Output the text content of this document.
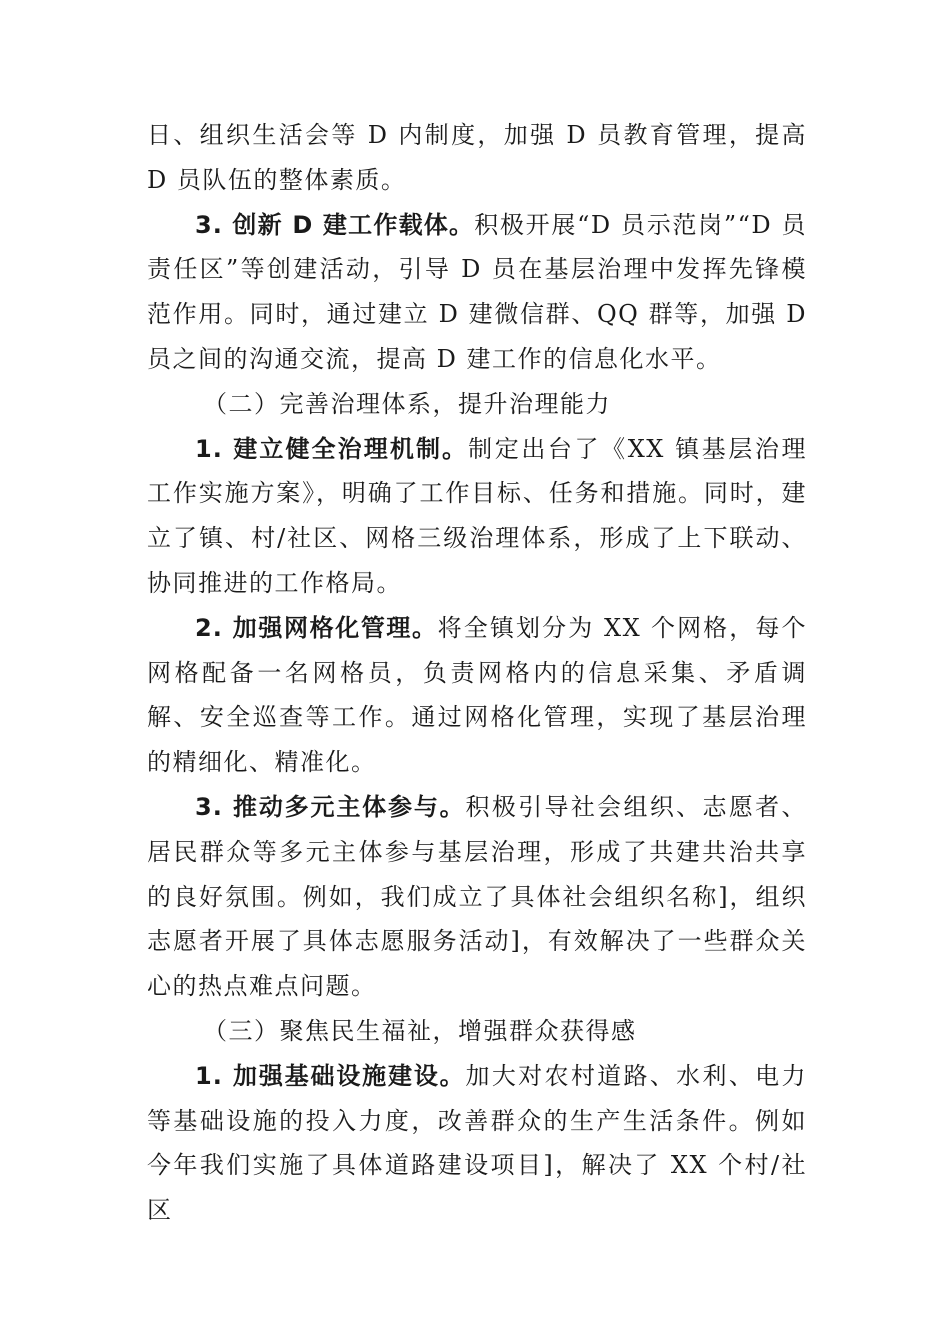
日、组织生活会等 D 内制度，加强 D 员教育管理，提高 D 员队伍的整体素质。

3. 创新 D 建工作载体。积极开展“D 员示范岗”“D 员责任区”等创建活动，引导 D 员在基层治理中发挥先锋模范作用。同时，通过建立 D 建微信群、QQ 群等，加强 D 员之间的沟通交流，提高 D 建工作的信息化水平。

（二）完善治理体系，提升治理能力

1. 建立健全治理机制。制定出台了《XX 镇基层治理工作实施方案》，明确了工作目标、任务和措施。同时，建立了镇、村/社区、网格三级治理体系，形成了上下联动、协同推进的工作格局。

2. 加强网格化管理。将全镇划分为 XX 个网格，每个网格配备一名网格员，负责网格内的信息采集、矛盾调解、安全巡查等工作。通过网格化管理，实现了基层治理的精细化、精准化。

3. 推动多元主体参与。积极引导社会组织、志愿者、居民群众等多元主体参与基层治理，形成了共建共治共享的良好氛围。例如，我们成立了具体社会组织名称]，组织志愿者开展了具体志愿服务活动]，有效解决了一些群众关心的热点难点问题。

（三）聚焦民生福祉，增强群众获得感

1. 加强基础设施建设。加大对农村道路、水利、电力等基础设施的投入力度，改善群众的生产生活条件。例如今年我们实施了具体道路建设项目]，解决了 XX 个村/社区
